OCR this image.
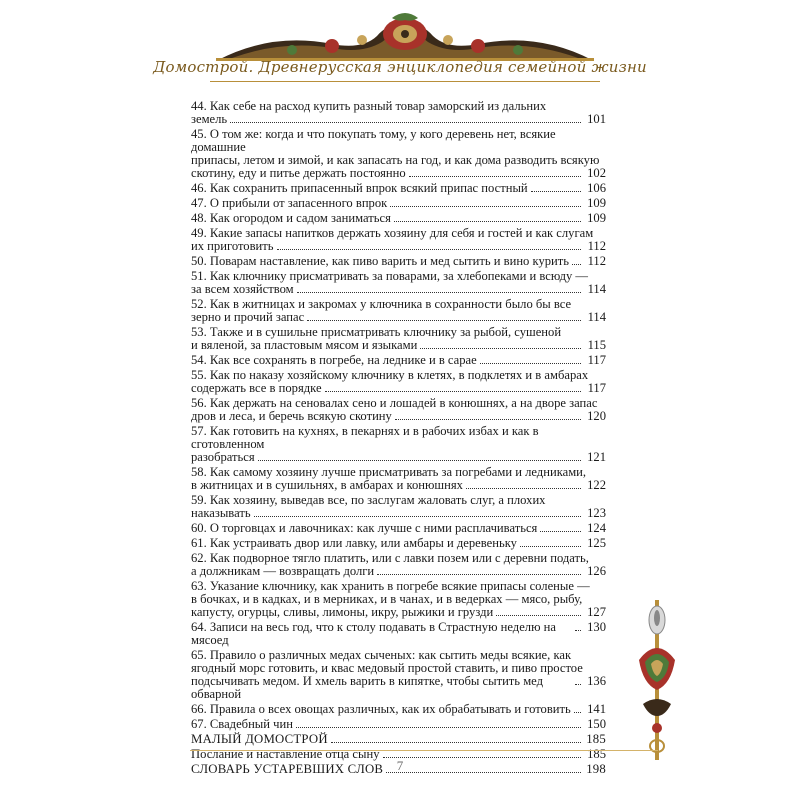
Домострой. Древнерусская энциклопедия семейной жизни
44. Как себе на расход купить разный товар заморский из дальних
земель	101
45. О том же: когда и что покупать тому, у кого деревень нет, всякие домашние
припасы, летом и зимой, и как запасать на год, и как дома разводить всякую
скотину, еду и питье держать постоянно	102
46. Как сохранить припасенный впрок всякий припас постный	106
47. О прибыли от запасенного впрок	109
48. Как огородом и садом заниматься	109
49. Какие запасы напитков держать хозяину для себя и гостей и как слугам
их приготовить	112
50. Поварам наставление, как пиво варить и мед сытить и вино курить 112
51. Как ключнику присматривать за поварами, за хлебопеками и всюду —
за всем хозяйством	114
52. Как в житницах и закромах у ключника в сохранности было бы все
зерно и прочий запас	114
53. Также и в сушильне присматривать ключнику за рыбой, сушеной
и вяленой, за пластовым мясом и языками	115
54. Как все сохранять в погребе, на леднике и в сарае	117
55. Как по наказу хозяйскому ключнику в клетях, в подклетях и в амбарах
содержать все в порядке	117
56. Как держать на сеновалах сено и лошадей в конюшнях, а на дворе запас
дров и леса, и беречь всякую скотину	120
57. Как готовить на кухнях, в пекарнях и в рабочих избах и как в сготовленном
разобраться	121
58. Как самому хозяину лучше присматривать за погребами и ледниками,
в житницах и в сушильнях, в амбарах и конюшнях	122
59. Как хозяину, выведав все, по заслугам жаловать слуг, а плохих
наказывать	123
60. О торговцах и лавочниках: как лучше с ними расплачиваться	124
61. Как устраивать двор или лавку, или амбары и деревеньку	125
62. Как подворное тягло платить, или с лавки позем или с деревни подать,
а должникам — возвращать долги	126
63. Указание ключнику, как хранить в погребе всякие припасы соленые —
в бочках, и в кадках, и в мерниках, и в чанах, и в ведерках — мясо, рыбу,
капусту, огурцы, сливы, лимоны, икру, рыжики и грузди	127
64. Записи на весь год, что к столу подавать в Страстную неделю на мясоед
130
65. Правило о различных медах сыченых: как сытить меды всякие, как
ягодный морс готовить, и квас медовый простой ставить, и пиво простое
подсычивать медом. И хмель варить в кипятке, чтобы сытить мед обварной
136
66. Правила о всех овощах различных, как их обрабатывать и готовить 141
67. Свадебный чин	150
МАЛЫЙ ДОМОСТРОЙ	185
Послание и наставление отца сыну	185
СЛОВАРЬ УСТАРЕВШИХ СЛОВ	198
7
